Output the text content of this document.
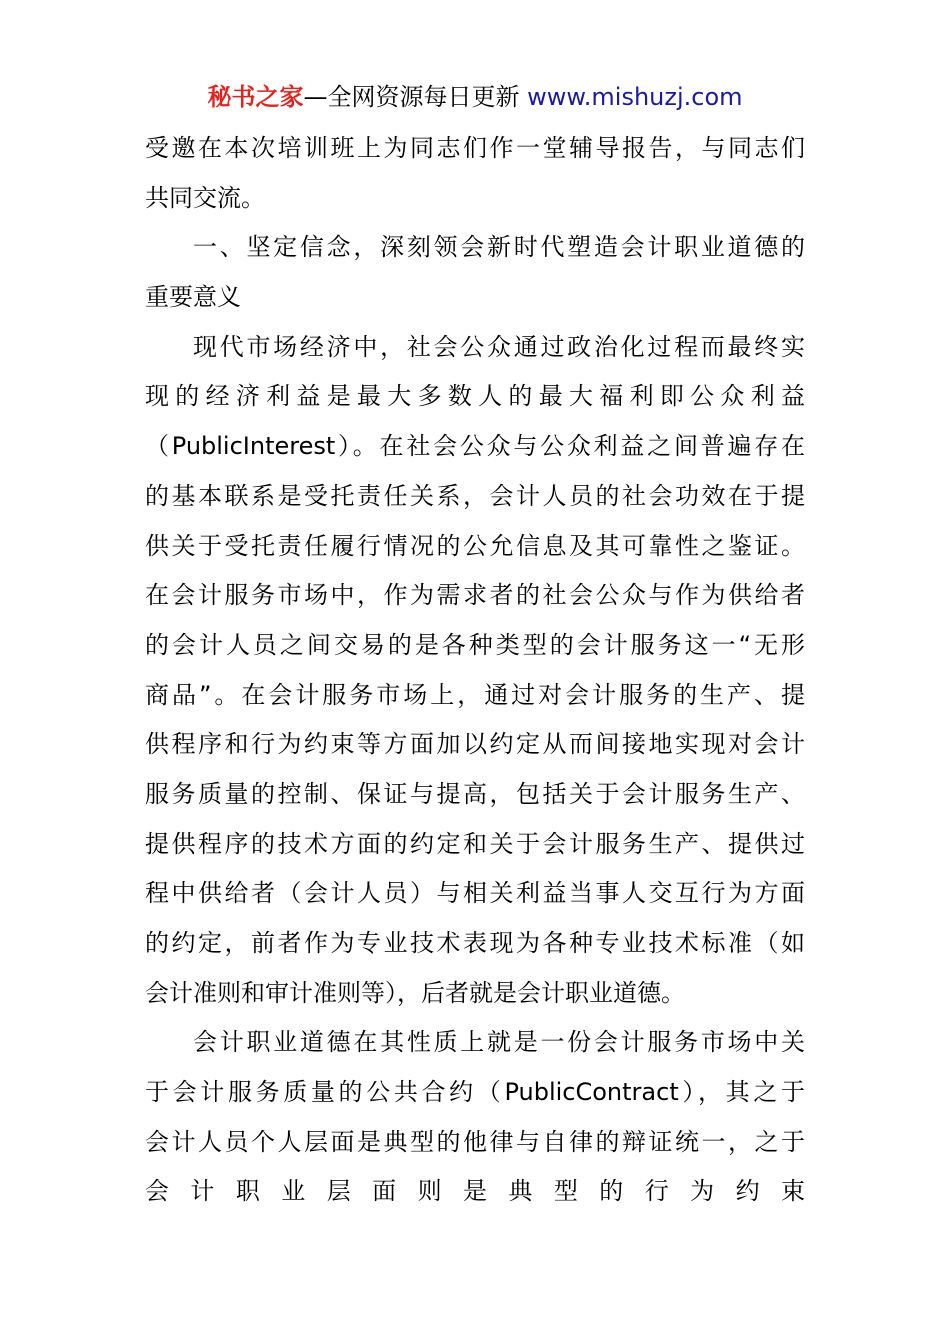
秘书之家—全网资源每日更新 www.mishuzj.com
受邀在本次培训班上为同志们作一堂辅导报告，与同志们
共同交流。
一、坚定信念，深刻领会新时代塑造会计职业道德的
重要意义
现代市场经济中，社会公众通过政治化过程而最终实
现的经济利益是最大多数人的最大福利即公众利益
（PublicInterest）。在社会公众与公众利益之间普遍存在
的基本联系是受托责任关系，会计人员的社会功效在于提
供关于受托责任履行情况的公允信息及其可靠性之鉴证。
在会计服务市场中，作为需求者的社会公众与作为供给者
的会计人员之间交易的是各种类型的会计服务这一“无形
商品”。在会计服务市场上，通过对会计服务的生产、提
供程序和行为约束等方面加以约定从而间接地实现对会计
服务质量的控制、保证与提高，包括关于会计服务生产、
提供程序的技术方面的约定和关于会计服务生产、提供过
程中供给者（会计人员）与相关利益当事人交互行为方面
的约定，前者作为专业技术表现为各种专业技术标准（如
会计准则和审计准则等），后者就是会计职业道德。
会计职业道德在其性质上就是一份会计服务市场中关
于会计服务质量的公共合约（PublicContract），其之于
会计人员个人层面是典型的他律与自律的辩证统一，之于
会计职业层面则是典型的行为约束
